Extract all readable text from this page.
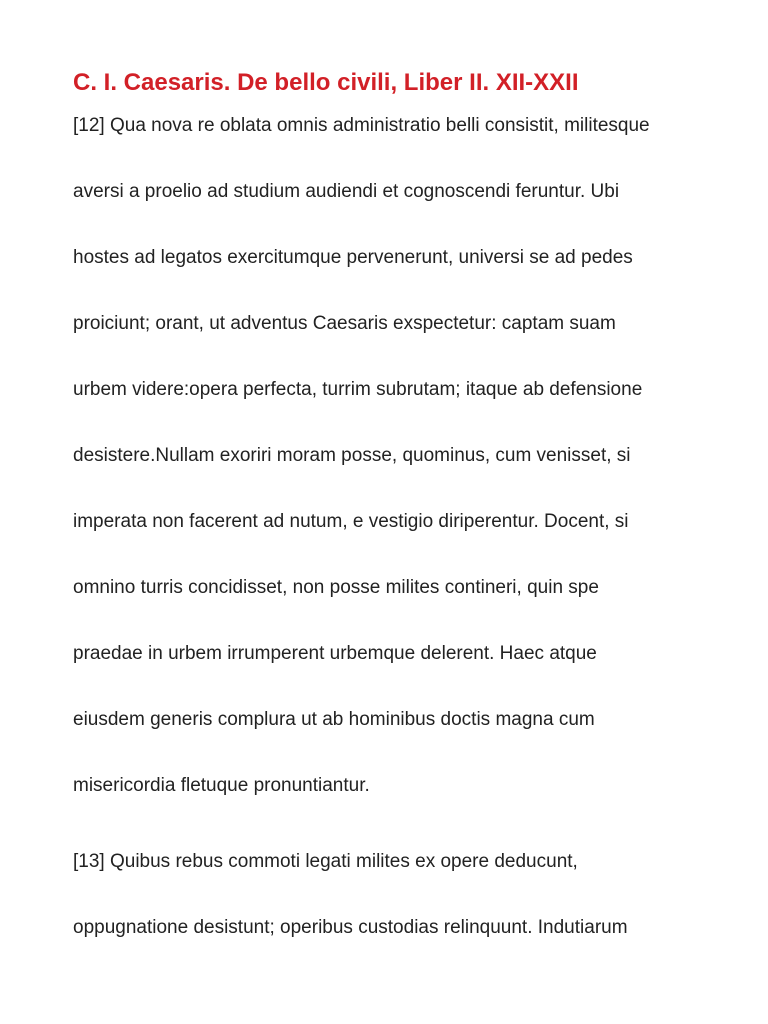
C. I. Caesaris. De bello civili, Liber II. XII-XXII
[12] Qua nova re oblata omnis administratio belli consistit, militesque
aversi a proelio ad studium audiendi et cognoscendi feruntur. Ubi
hostes ad legatos exercitumque pervenerunt, universi se ad pedes
proiciunt; orant, ut adventus Caesaris exspectetur: captam suam
urbem videre:opera perfecta, turrim subrutam; itaque ab defensione
desistere.Nullam exoriri moram posse, quominus, cum venisset, si
imperata non facerent ad nutum, e vestigio diriperentur. Docent, si
omnino turris concidisset, non posse milites contineri, quin spe
praedae in urbem irrumperent urbemque delerent. Haec atque
eiusdem generis complura ut ab hominibus doctis magna cum
misericordia fletuque pronuntiantur.
[13] Quibus rebus commoti legati milites ex opere deducunt,
oppugnatione desistunt; operibus custodias relinquunt. Indutiarum
